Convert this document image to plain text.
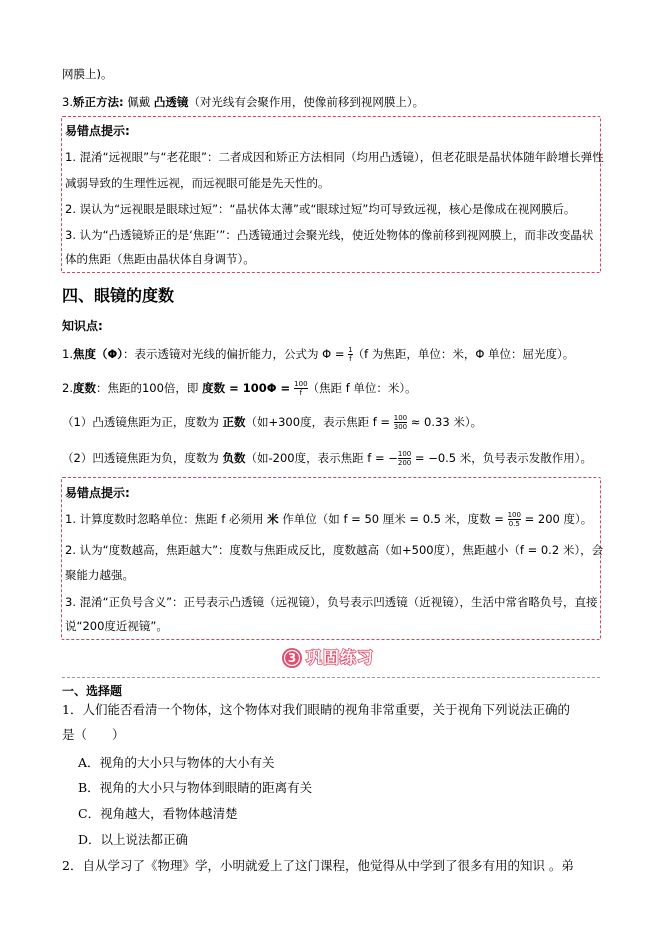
网膜上)。
3.矫正方法: 佩戴 凸透镜（对光线有会聚作用，使像前移到视网膜上）。
易错点提示:
1. 混淆“远视眼”与“老花眼”：二者成因和矫正方法相同（均用凸透镜），但老花眼是晶状体随年龄增长弹性
减弱导致的生理性远视，而远视眼可能是先天性的。
2. 误认为“远视眼是眼球过短”：“晶状体太薄”或“眼球过短”均可导致远视，核心是像成在视网膜后。
3. 认为“凸透镜矫正的是‘焦距’”：凸透镜通过会聚光线，使近处物体的像前移到视网膜上，而非改变晶状
体的焦距（焦距由晶状体自身调节）。
四、眼镜的度数
知识点:
1.焦度（Φ）：表示透镜对光线的偏折能力，公式为 $\Phi = \frac{1}{f} (f$ 为焦距，单位：米，Φ 单位：屈光度）。
2.度数：焦距的100倍，即 度数 = $100\Phi = \frac{100}{f}$ （焦距 f 单位：米）。
（1）凸透镜焦距为正，度数为 正数（如+300度，表示焦距 $f = \frac{100}{300} \approx 0.33$ 米）。
（2）凹透镜焦距为负，度数为 负数（如-200度，表示焦距 f = − $\frac{100}{200} = -0.5$ 米，负号表示发散作用）。
易错点提示:
1. 计算度数时忽略单位：焦距 f 必须用 米 作单位（如 f = 50 厘米 = 0.5 米，度数 = $\frac{100}{0.5} = 200$ 度）。
2. 认为“度数越高，焦距越大”：度数与焦距成反比，度数越高（如+500度），焦距越小（f = 0.2 米），会
聚能力越强。
3. 混淆“正负号含义”：正号表示凸透镜（远视镜），负号表示凹透镜（近视镜），生活中常省略负号，直接
说“200度近视镜”。
3 巩固练习
一、选择题
1．人们能否看清一个物体，这个物体对我们眼睛的视角非常重要，关于视角下列说法正确的
是（　　）
A．视角的大小只与物体的大小有关
B．视角的大小只与物体到眼睛的距离有关
C．视角越大，看物体越清楚
D．以上说法都正确
2．自从学习了《物理》学，小明就爱上了这门课程，他觉得从中学到了很多有用的知识 。弟
